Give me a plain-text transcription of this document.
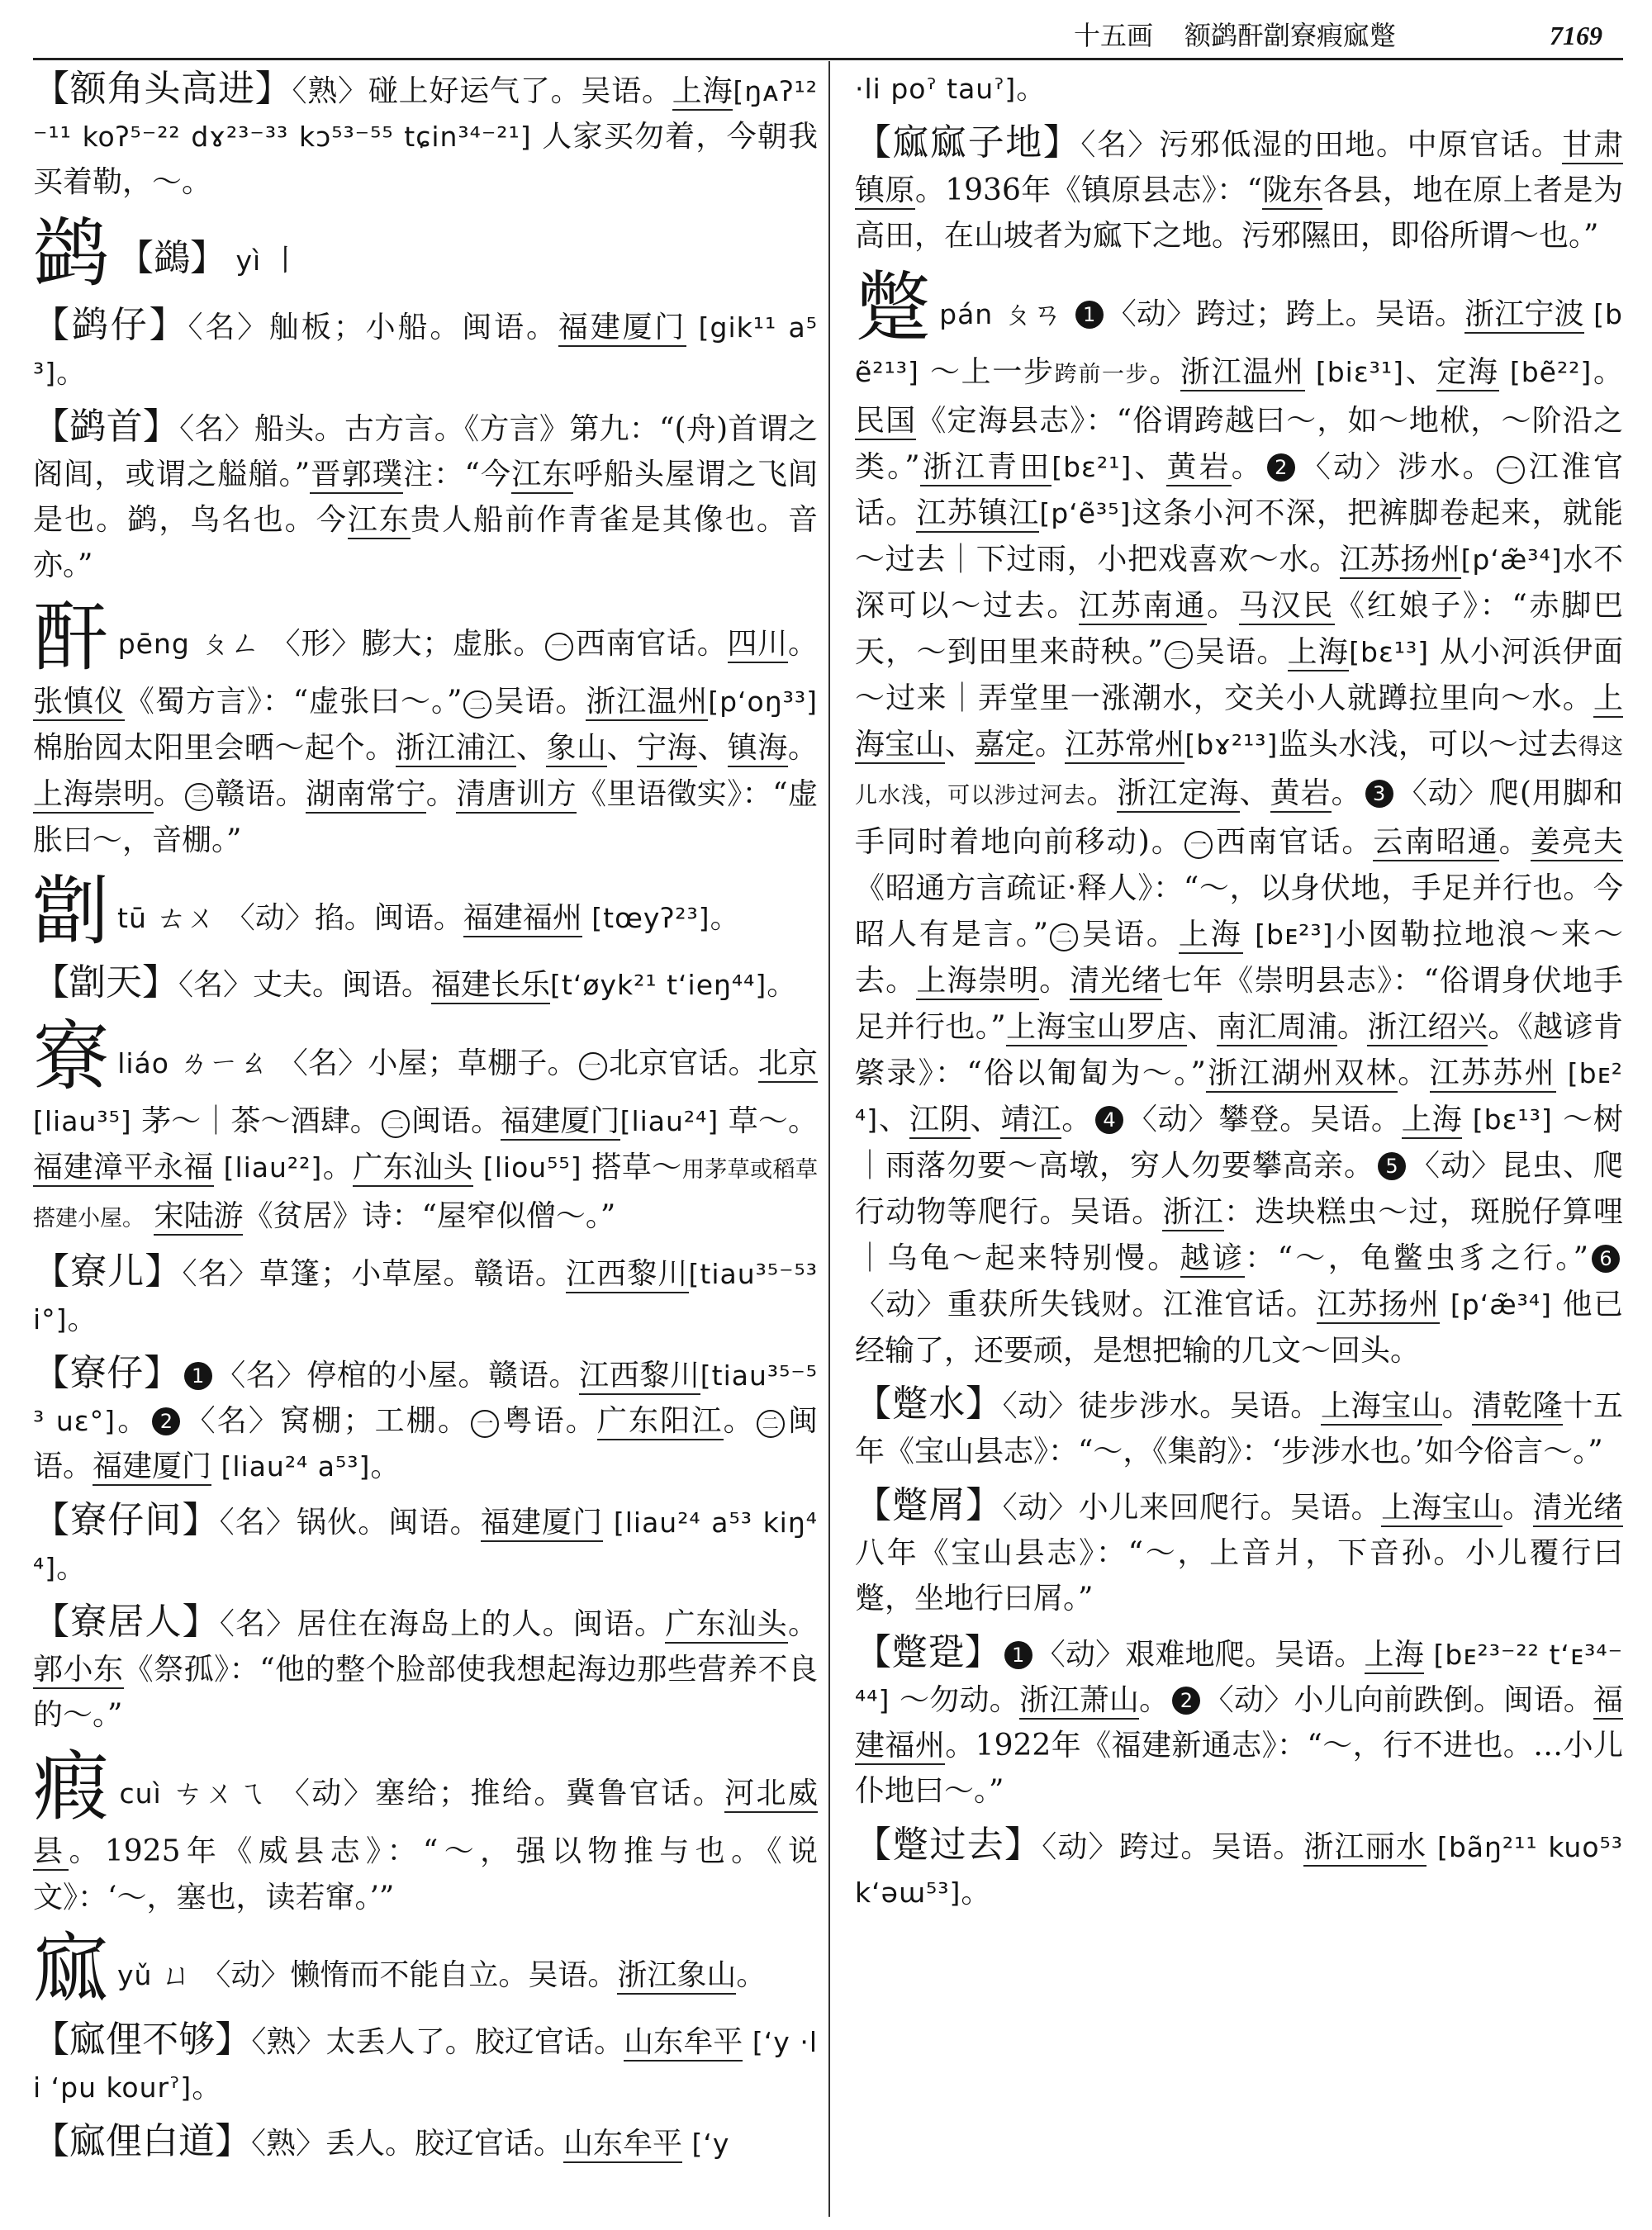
十五画 额鹢酐劏寮瘕寙蹩	7169

【额角头高进】〈熟〉碰上好运气了。吴语。上海[ŋᴀʔ¹²⁻¹¹ koʔ⁵⁻²² dɤ²³⁻³³ kɔ⁵³⁻⁵⁵ tɕin³⁴⁻²¹] 人家买勿着，今朝我买着勒，～。

鹢 【鷁】 yì 丨

【鹢仔】〈名〉舢板；小船。闽语。福建厦门 [gik¹¹ a⁵³]。

【鹢首】〈名〉船头。古方言。《方言》第九：“(舟)首谓之阁闾，或谓之艗艏。”晋郭璞注：“今江东呼船头屋谓之飞闾是也。鹢，鸟名也。今江东贵人船前作青雀是其像也。音亦。”

酐pēng ㄆㄥ 〈形〉膨大；虚胀。 一 西南官话。四川。张慎仪《蜀方言》：“虚张曰～。” 二 吴语。浙江温州[pʻoŋ³³] 棉胎囥太阳里会晒～起个。浙江浦江、象山、宁海、镇海。上海崇明。 三 赣语。湖南常宁。清唐训方《里语徵实》：“虚胀曰～，音棚。”

劏tū ㄊㄨ 〈动〉掐。闽语。福建福州 [tœyʔ²³]。

【劏天】〈名〉丈夫。闽语。福建长乐[tʻøyk²¹ tʻieŋ⁴⁴]。

寮liáo ㄌㄧㄠ 〈名〉小屋；草棚子。 一 北京官话。北京 [liau³⁵] 茅～｜茶～酒肆。 二 闽语。福建厦门[liau²⁴] 草～。福建漳平永福 [liau²²]。广东汕头 [liou⁵⁵] 搭草～用茅草或稻草搭建小屋。 宋陆游《贫居》诗：“屋窄似僧～。”

【寮儿】〈名〉草篷；小草屋。赣语。江西黎川[tiau³⁵⁻⁵³ i°]。

【寮仔】 1 〈名〉停棺的小屋。赣语。江西黎川[tiau³⁵⁻⁵³ uɛ°]。 2 〈名〉窝棚；工棚。 一 粤语。广东阳江。 二 闽语。福建厦门 [liau²⁴ a⁵³]。

【寮仔间】〈名〉锅伙。闽语。福建厦门 [liau²⁴ a⁵³ kiŋ⁴⁴]。

【寮居人】〈名〉居住在海岛上的人。闽语。广东汕头。郭小东《祭孤》：“他的整个脸部使我想起海边那些营养不良的～。”

瘕cuì ㄘㄨㄟ 〈动〉塞给；推给。冀鲁官话。河北威县。1925年《威县志》：“～，强以物推与也。《说文》：‘～，塞也，读若窜。’”

寙yǔ ㄩ 〈动〉懒惰而不能自立。吴语。浙江象山。

【寙俚不够】〈熟〉太丢人了。胶辽官话。山东牟平 [ʻy ·li ʻpu kourˀ]。

【寙俚白道】〈熟〉丢人。胶辽官话。山东牟平 [ʻy

·li poˀ tauˀ]。

【寙寙子地】〈名〉污邪低湿的田地。中原官话。甘肃镇原。1936年《镇原县志》：“陇东各县，地在原上者是为高田，在山坡者为寙下之地。污邪隰田，即俗所谓～也。”

蹩pán ㄆㄢ 1 〈动〉跨过；跨上。吴语。浙江宁波 [bẽ²¹³] ～上一步跨前一步。浙江温州 [biɛ³¹]、定海 [bẽ²²]。民国《定海县志》：“俗谓跨越曰～，如～地栿，～阶沿之类。”浙江青田[bɛ²¹]、黄岩。 2 〈动〉涉水。 一 江淮官话。江苏镇江[pʻẽ³⁵]这条小河不深，把裤脚卷起来，就能～过去｜下过雨，小把戏喜欢～水。江苏扬州[pʻæ̃³⁴]水不深可以～过去。江苏南通。马汉民《红娘子》：“赤脚巴天，～到田里来莳秧。” 二 吴语。上海[bɛ¹³] 从小河浜伊面～过来｜弄堂里一涨潮水，交关小人就蹲拉里向～水。上海宝山、嘉定。江苏常州[bɤ²¹³]监头水浅，可以～过去得这儿水浅，可以涉过河去。浙江定海、黄岩。 3 〈动〉爬(用脚和手同时着地向前移动)。 一 西南官话。云南昭通。姜亮夫《昭通方言疏证·释人》：“～，以身伏地，手足并行也。今昭人有是言。” 二 吴语。上海 [bᴇ²³]小囡勒拉地浪～来～去。上海崇明。清光绪七年《崇明县志》：“俗谓身伏地手足并行也。”上海宝山罗店、南汇周浦。浙江绍兴。《越谚肯綮录》：“俗以匍匐为～。”浙江湖州双林。江苏苏州 [bᴇ²⁴]、江阴、靖江。 4 〈动〉攀登。吴语。上海 [bɛ¹³] ～树｜雨落勿要～高墩，穷人勿要攀高亲。 5 〈动〉昆虫、爬行动物等爬行。吴语。浙江：迭块糕虫～过，斑脱仔算哩｜乌龟～起来特别慢。越谚：“～，龟鳖虫豸之行。” 6〈动〉重获所失钱财。江淮官话。江苏扬州 [pʻæ̃³⁴] 他已经输了，还要顽，是想把输的几文～回头。

【蹩水】〈动〉徒步涉水。吴语。上海宝山。清乾隆十五年《宝山县志》：“～，《集韵》：‘步涉水也。’如今俗言～。”

【蹩屑】〈动〉小儿来回爬行。吴语。上海宝山。清光绪八年《宝山县志》：“～，上音爿，下音孙。小儿覆行曰蹩，坐地行曰屑。”

【蹩跫】 1 〈动〉艰难地爬。吴语。上海 [bᴇ²³⁻²² tʻᴇ³⁴⁻⁴⁴] ～勿动。浙江萧山。 2 〈动〉小儿向前跌倒。闽语。福建福州。1922年《福建新通志》：“～，行不进也。…小儿仆地曰～。”

【蹩过去】〈动〉跨过。吴语。浙江丽水 [bãŋ²¹¹ kuo⁵³ kʻəɯ⁵³]。
